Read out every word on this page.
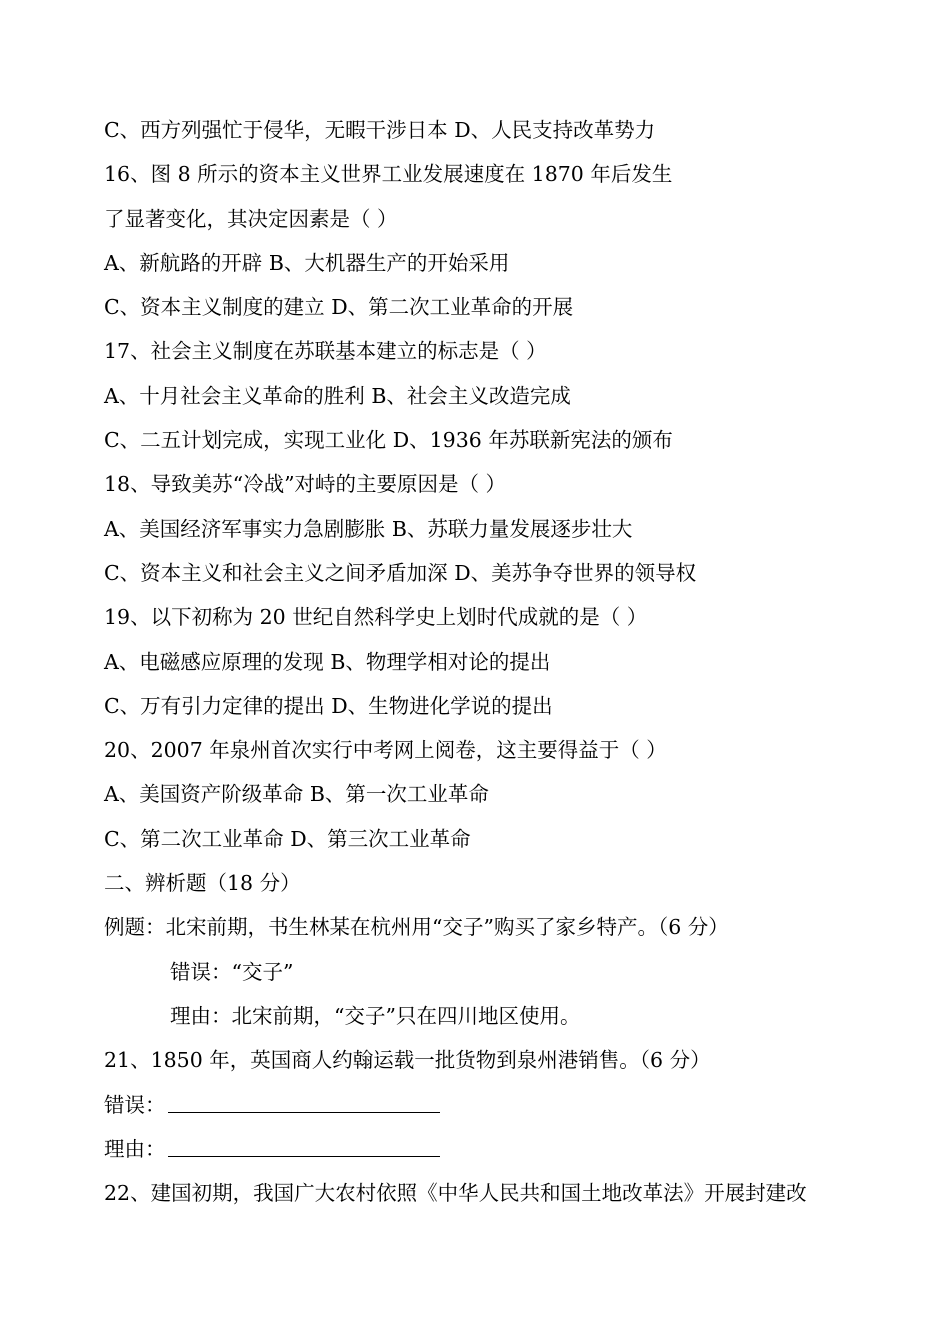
C、西方列强忙于侵华，无暇干涉日本 D、人民支持改革势力
16、图 8 所示的资本主义世界工业发展速度在 1870 年后发生
了显著变化，其决定因素是（ ）
A、新航路的开辟 B、大机器生产的开始采用
C、资本主义制度的建立 D、第二次工业革命的开展
17、社会主义制度在苏联基本建立的标志是（ ）
A、十月社会主义革命的胜利 B、社会主义改造完成
C、二五计划完成，实现工业化 D、1936 年苏联新宪法的颁布
18、导致美苏“冷战”对峙的主要原因是（ ）
A、美国经济军事实力急剧膨胀 B、苏联力量发展逐步壮大
C、资本主义和社会主义之间矛盾加深 D、美苏争夺世界的领导权
19、以下初称为 20 世纪自然科学史上划时代成就的是（ ）
A、电磁感应原理的发现 B、物理学相对论的提出
C、万有引力定律的提出 D、生物进化学说的提出
20、2007 年泉州首次实行中考网上阅卷，这主要得益于（ ）
A、美国资产阶级革命 B、第一次工业革命
C、第二次工业革命 D、第三次工业革命
二、辨析题（18 分）
例题：北宋前期，书生林某在杭州用“交子”购买了家乡特产。（6 分）
错误：“交子”
理由：北宋前期，“交子”只在四川地区使用。
21、1850 年，英国商人约翰运载一批货物到泉州港销售。（6 分）
错误：
理由：
22、建国初期，我国广大农村依照《中华人民共和国土地改革法》开展封建改
